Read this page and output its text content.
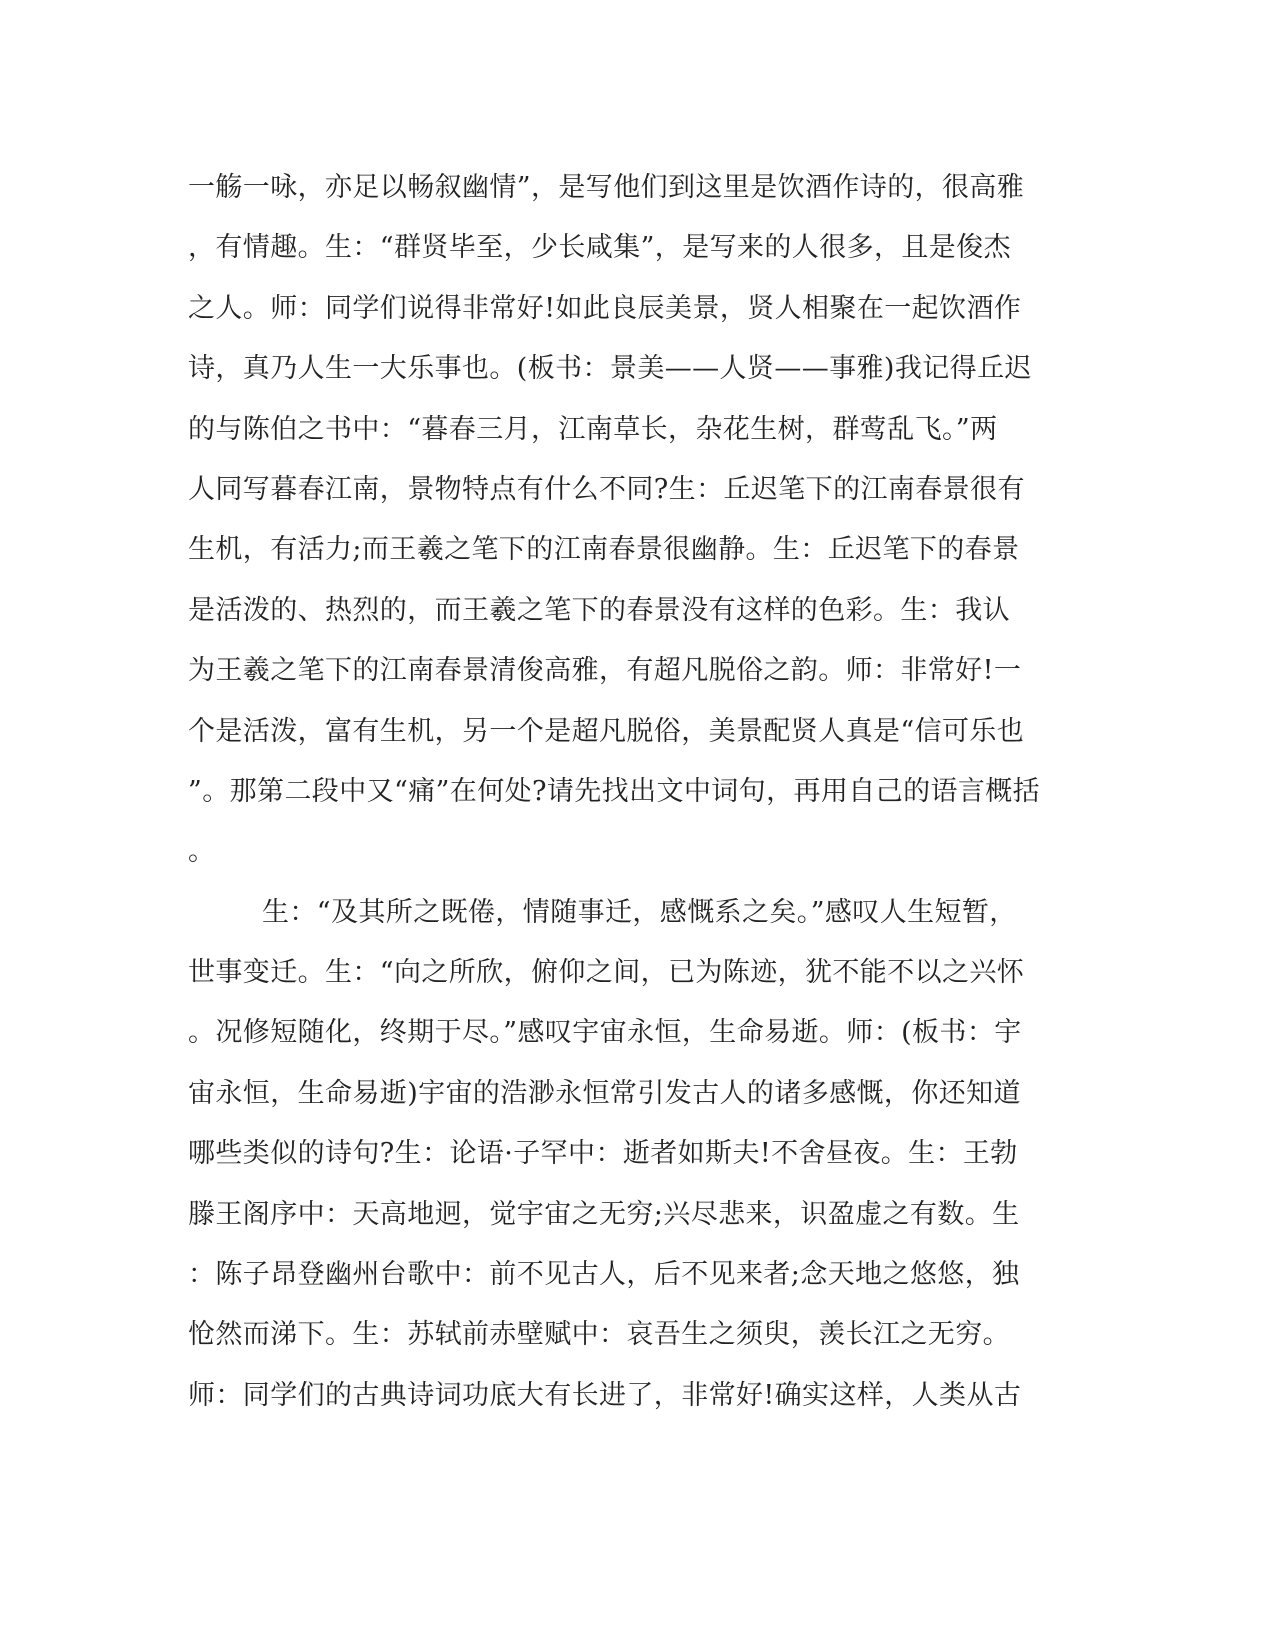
一觞一咏，亦足以畅叙幽情”，是写他们到这里是饮酒作诗的，很高雅
，有情趣。生：“群贤毕至，少长咸集”，是写来的人很多，且是俊杰
之人。师：同学们说得非常好!如此良辰美景，贤人相聚在一起饮酒作
诗，真乃人生一大乐事也。(板书：景美——人贤——事雅)我记得丘迟
的与陈伯之书中：“暮春三月，江南草长，杂花生树，群莺乱飞。”两
人同写暮春江南，景物特点有什么不同?生：丘迟笔下的江南春景很有
生机，有活力;而王羲之笔下的江南春景很幽静。生：丘迟笔下的春景
是活泼的、热烈的，而王羲之笔下的春景没有这样的色彩。生：我认
为王羲之笔下的江南春景清俊高雅，有超凡脱俗之韵。师：非常好!一
个是活泼，富有生机，另一个是超凡脱俗，美景配贤人真是“信可乐也
”。那第二段中又“痛”在何处?请先找出文中词句，再用自己的语言概括
。
生：“及其所之既倦，情随事迁，感慨系之矣。”感叹人生短暂，
世事变迁。生：“向之所欣，俯仰之间，已为陈迹，犹不能不以之兴怀
。况修短随化，终期于尽。”感叹宇宙永恒，生命易逝。师：(板书：宇
宙永恒，生命易逝)宇宙的浩渺永恒常引发古人的诸多感慨，你还知道
哪些类似的诗句?生：论语·子罕中：逝者如斯夫!不舍昼夜。生：王勃
滕王阁序中：天高地迥，觉宇宙之无穷;兴尽悲来，识盈虚之有数。生
：陈子昂登幽州台歌中：前不见古人，后不见来者;念天地之悠悠，独
怆然而涕下。生：苏轼前赤壁赋中：哀吾生之须臾，羡长江之无穷。
师：同学们的古典诗词功底大有长进了，非常好!确实这样，人类从古
